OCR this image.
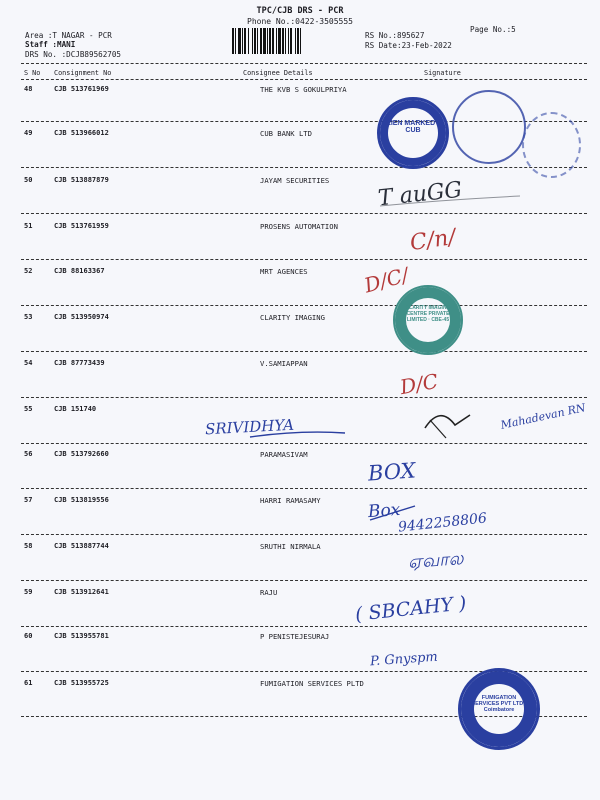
TPC/CJB DRS - PCR
Phone No.:0422-3505555
Area :T NAGAR - PCR
Staff :MANI
DRS No. :DCJB89562705
RS No.:895627
RS Date:23-Feb-2022
Page No.:5
S No Consignment No	Consignee Details	Signature
48	CJB 513761969	THE KVB S GOKULPRIYA
49	CJB 513966012	CUB BANK LTD
50	CJB 513887879	JAYAM SECURITIES
51	CJB 513761959	PROSENS AUTOMATION
52	CJB 88163367	MRT AGENCES
53	CJB 513950974	CLARITY IMAGING
54	CJB 87773439	V.SAMIAPPAN
55	CJB 151740
56	CJB 513792660	PARAMASIVAM
57	CJB 513819556	HARRI RAMASAMY
58	CJB 513887744	SRUTHI NIRMALA
59	CJB 513912641	RAJU
60	CJB 513955781	P PENISTEJESURAJ
61	CJB 513955725	FUMIGATION SERVICES PLTD
LIEN MARKED · CUB
CLARITY IMAGING CENTRE PRIVATE LIMITED · CBE-45
FUMIGATION SERVICES PVT LTD · Coimbatore
T auGG
C/n/
D/C/
D/C
SRIVIDHYA	Mahadevan RN
BOX
Box
9442258806
ஏவால
( SBCAHY )
P. Gnyspm
